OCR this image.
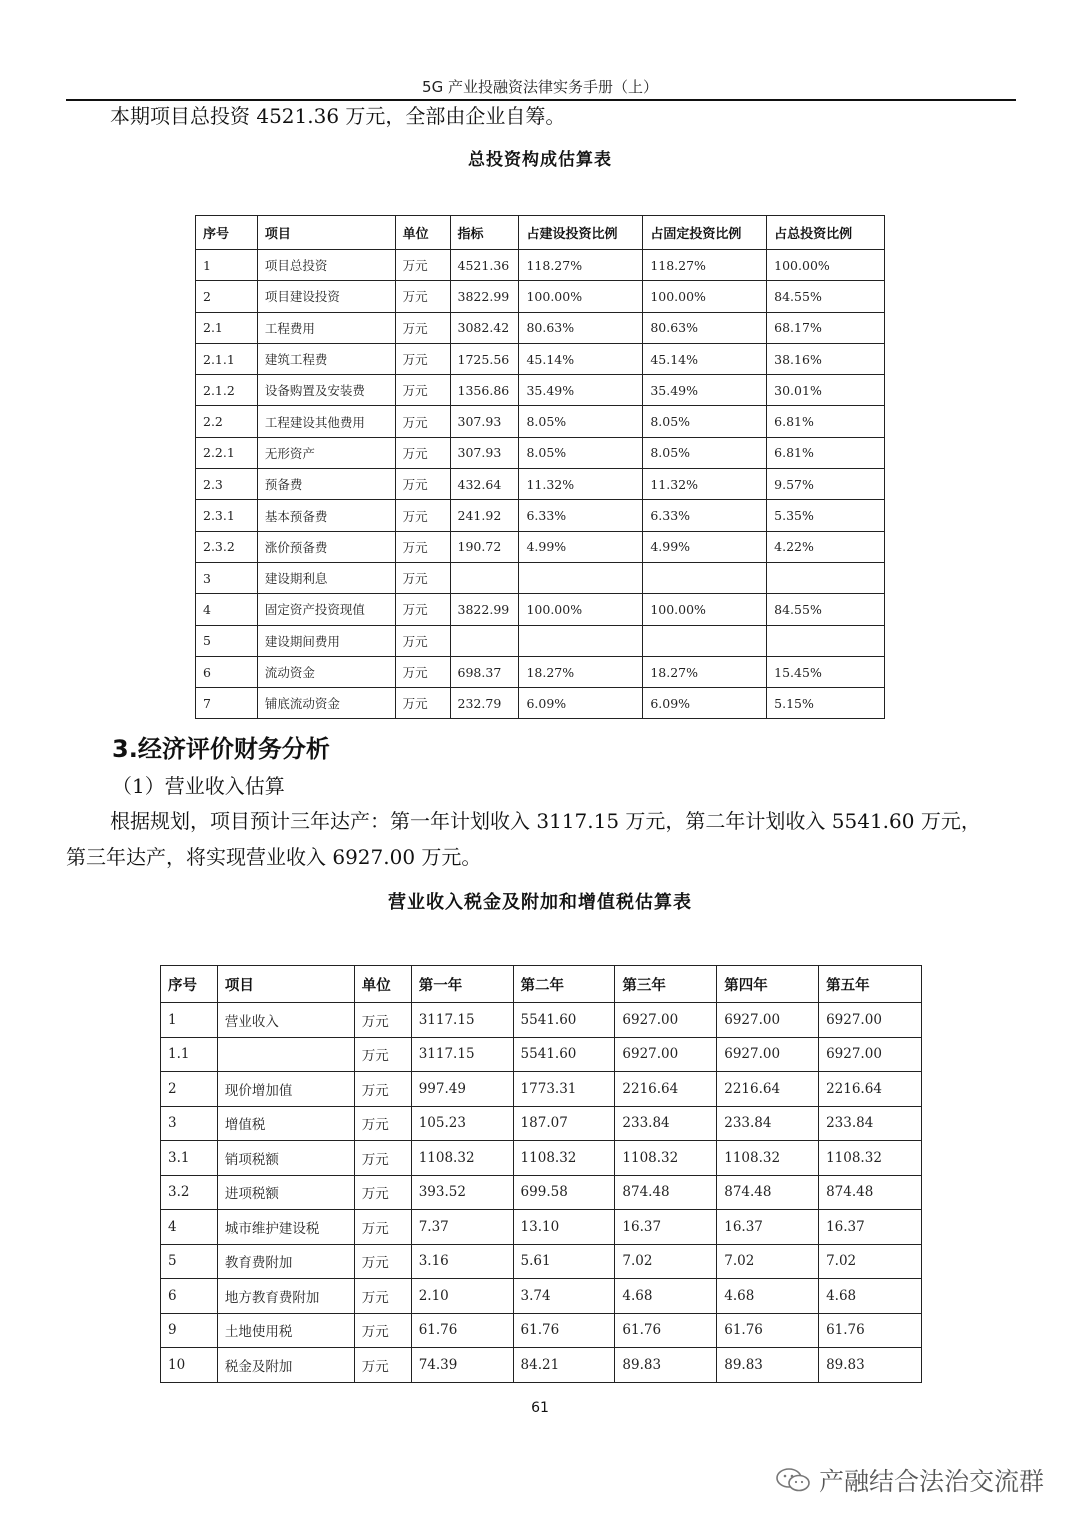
5G 产业投融资法律实务手册（上）

本期项目总投资 4521.36 万元，全部由企业自筹。

总投资构成估算表
序号	项目	单位	指标	占建设投资比例	占固定投资比例	占总投资比例
1	项目总投资	万元	4521.36	118.27%	118.27%	100.00%
2	项目建设投资	万元	3822.99	100.00%	100.00%	84.55%
2.1	工程费用	万元	3082.42	80.63%	80.63%	68.17%
2.1.1	建筑工程费	万元	1725.56	45.14%	45.14%	38.16%
2.1.2	设备购置及安装费	万元	1356.86	35.49%	35.49%	30.01%
2.2	工程建设其他费用	万元	307.93	8.05%	8.05%	6.81%
2.2.1	无形资产	万元	307.93	8.05%	8.05%	6.81%
2.3	预备费	万元	432.64	11.32%	11.32%	9.57%
2.3.1	基本预备费	万元	241.92	6.33%	6.33%	5.35%
2.3.2	涨价预备费	万元	190.72	4.99%	4.99%	4.22%
3	建设期利息	万元				
4	固定资产投资现值	万元	3822.99	100.00%	100.00%	84.55%
5	建设期间费用	万元				
6	流动资金	万元	698.37	18.27%	18.27%	15.45%
7	铺底流动资金	万元	232.79	6.09%	6.09%	5.15%
3.经济评价财务分析

（1）营业收入估算

根据规划，项目预计三年达产：第一年计划收入 3117.15 万元，第二年计划收入 5541.60 万元，

第三年达产，将实现营业收入 6927.00 万元。

营业收入税金及附加和增值税估算表
序号	项目	单位	第一年	第二年	第三年	第四年	第五年
1	营业收入	万元	3117.15	5541.60	6927.00	6927.00	6927.00
1.1		万元	3117.15	5541.60	6927.00	6927.00	6927.00
2	现价增加值	万元	997.49	1773.31	2216.64	2216.64	2216.64
3	增值税	万元	105.23	187.07	233.84	233.84	233.84
3.1	销项税额	万元	1108.32	1108.32	1108.32	1108.32	1108.32
3.2	进项税额	万元	393.52	699.58	874.48	874.48	874.48
4	城市维护建设税	万元	7.37	13.10	16.37	16.37	16.37
5	教育费附加	万元	3.16	5.61	7.02	7.02	7.02
6	地方教育费附加	万元	2.10	3.74	4.68	4.68	4.68
9	土地使用税	万元	61.76	61.76	61.76	61.76	61.76
10	税金及附加	万元	74.39	84.21	89.83	89.83	89.83
61
产融结合法治交流群
